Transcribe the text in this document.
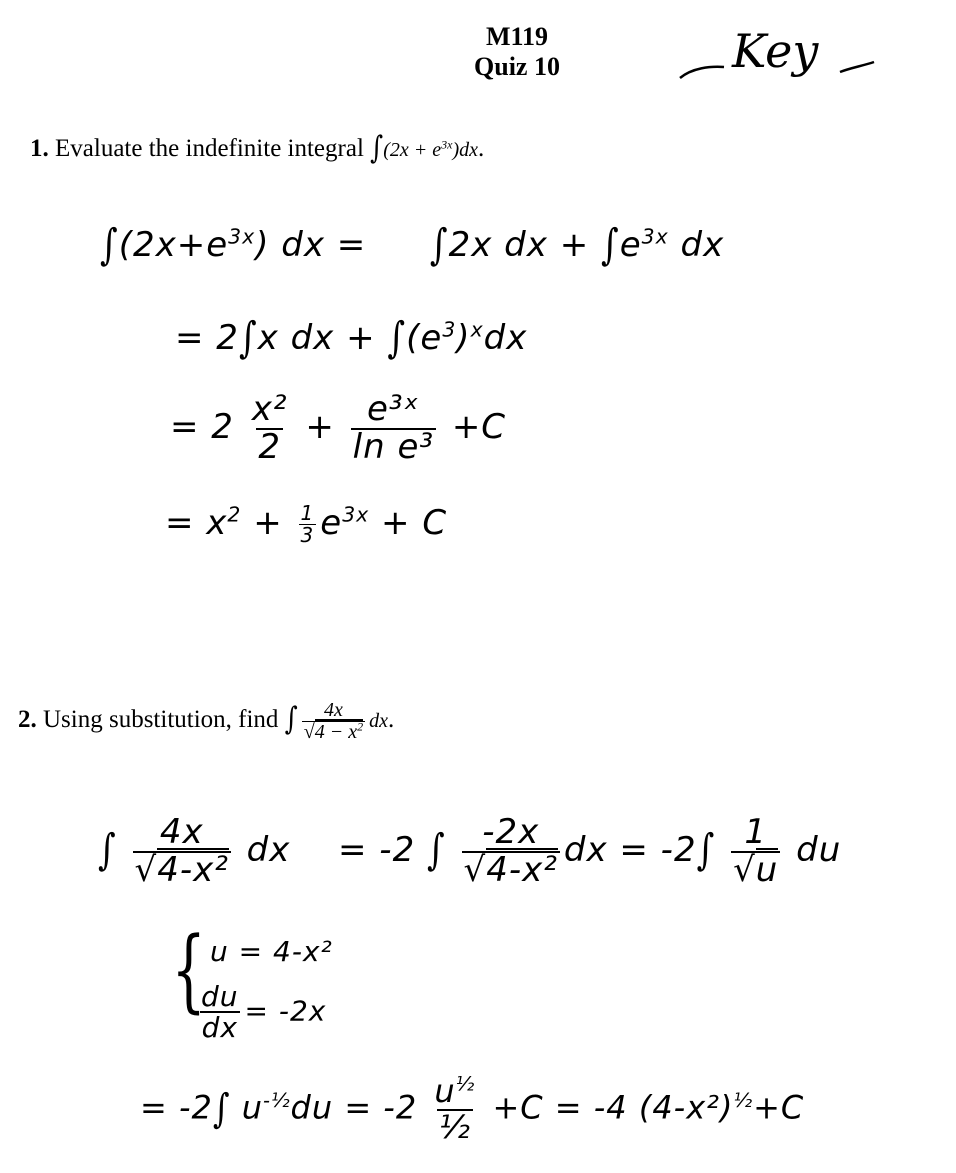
M119
Quiz 10	Key
1. Evaluate the indefinite integral $\int(2x + e^{3x})dx$.
$\int(2x+e^{3x})$ dx = ∫2x dx + $\int e^{3x}$ dx
= 2∫x dx + $\int(e^3)^xdx$
= $2 \frac{\text{x²}}{2} + \frac{\text{e³ˣ}}{\text{ln e³}} +C$
= $x^2 + \frac{1}{3} e^{3x} + C$
2. Using substitution, find ∫ $\frac{4x}{√4 - x^2}$ dx.
∫ $\frac{4x}{\text{√4-x²}}$ dx = -2 ∫ $\frac{-2x}{\text{√4-x²}}$ dx = $-2\int \frac{1}{√u}$ du
{ u = 4-x²
$\frac{du}{dx} = -2x$
= -2∫ $u^{-\frac{1}{2}}du = -2 \frac{u^{\frac{1}{2}}}{\text{½}} +C = -4$ $(4-x^2)^{\frac{1}{2}}+C$
